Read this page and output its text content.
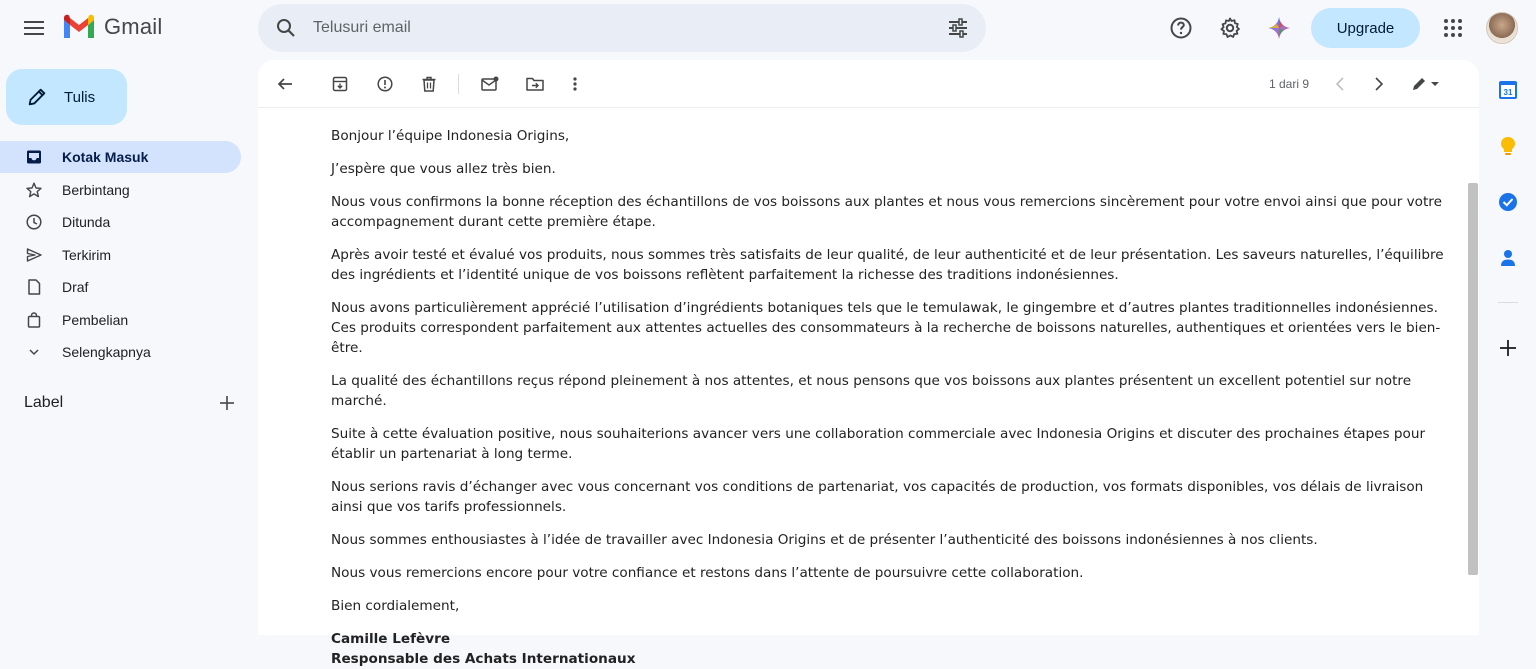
Gmail
Telusuri email	Upgrade
Tulis
Kotak Masuk
Berbintang
Ditunda
Terkirim
Draf
Pembelian
Selengkapnya
Label
1 dari 9

Bonjour l’équipe Indonesia Origins,

J’espère que vous allez très bien.

Nous vous confirmons la bonne réception des échantillons de vos boissons aux plantes et nous vous remercions sincèrement pour votre envoi ainsi que pour votre accompagnement durant cette première étape.

Après avoir testé et évalué vos produits, nous sommes très satisfaits de leur qualité, de leur authenticité et de leur présentation. Les saveurs naturelles, l’équilibre des ingrédients et l’identité unique de vos boissons reflètent parfaitement la richesse des traditions indonésiennes.

Nous avons particulièrement apprécié l’utilisation d’ingrédients botaniques tels que le temulawak, le gingembre et d’autres plantes traditionnelles indonésiennes. Ces produits correspondent parfaitement aux attentes actuelles des consommateurs à la recherche de boissons naturelles, authentiques et orientées vers le bien-être.

La qualité des échantillons reçus répond pleinement à nos attentes, et nous pensons que vos boissons aux plantes présentent un excellent potentiel sur notre marché.

Suite à cette évaluation positive, nous souhaiterions avancer vers une collaboration commerciale avec Indonesia Origins et discuter des prochaines étapes pour établir un partenariat à long terme.

Nous serions ravis d’échanger avec vous concernant vos conditions de partenariat, vos capacités de production, vos formats disponibles, vos délais de livraison ainsi que vos tarifs professionnels.

Nous sommes enthousiastes à l’idée de travailler avec Indonesia Origins et de présenter l’authenticité des boissons indonésiennes à nos clients.

Nous vous remercions encore pour votre confiance et restons dans l’attente de poursuivre cette collaboration.

Bien cordialement,

Camille Lefèvre

Responsable des Achats Internationaux

31
